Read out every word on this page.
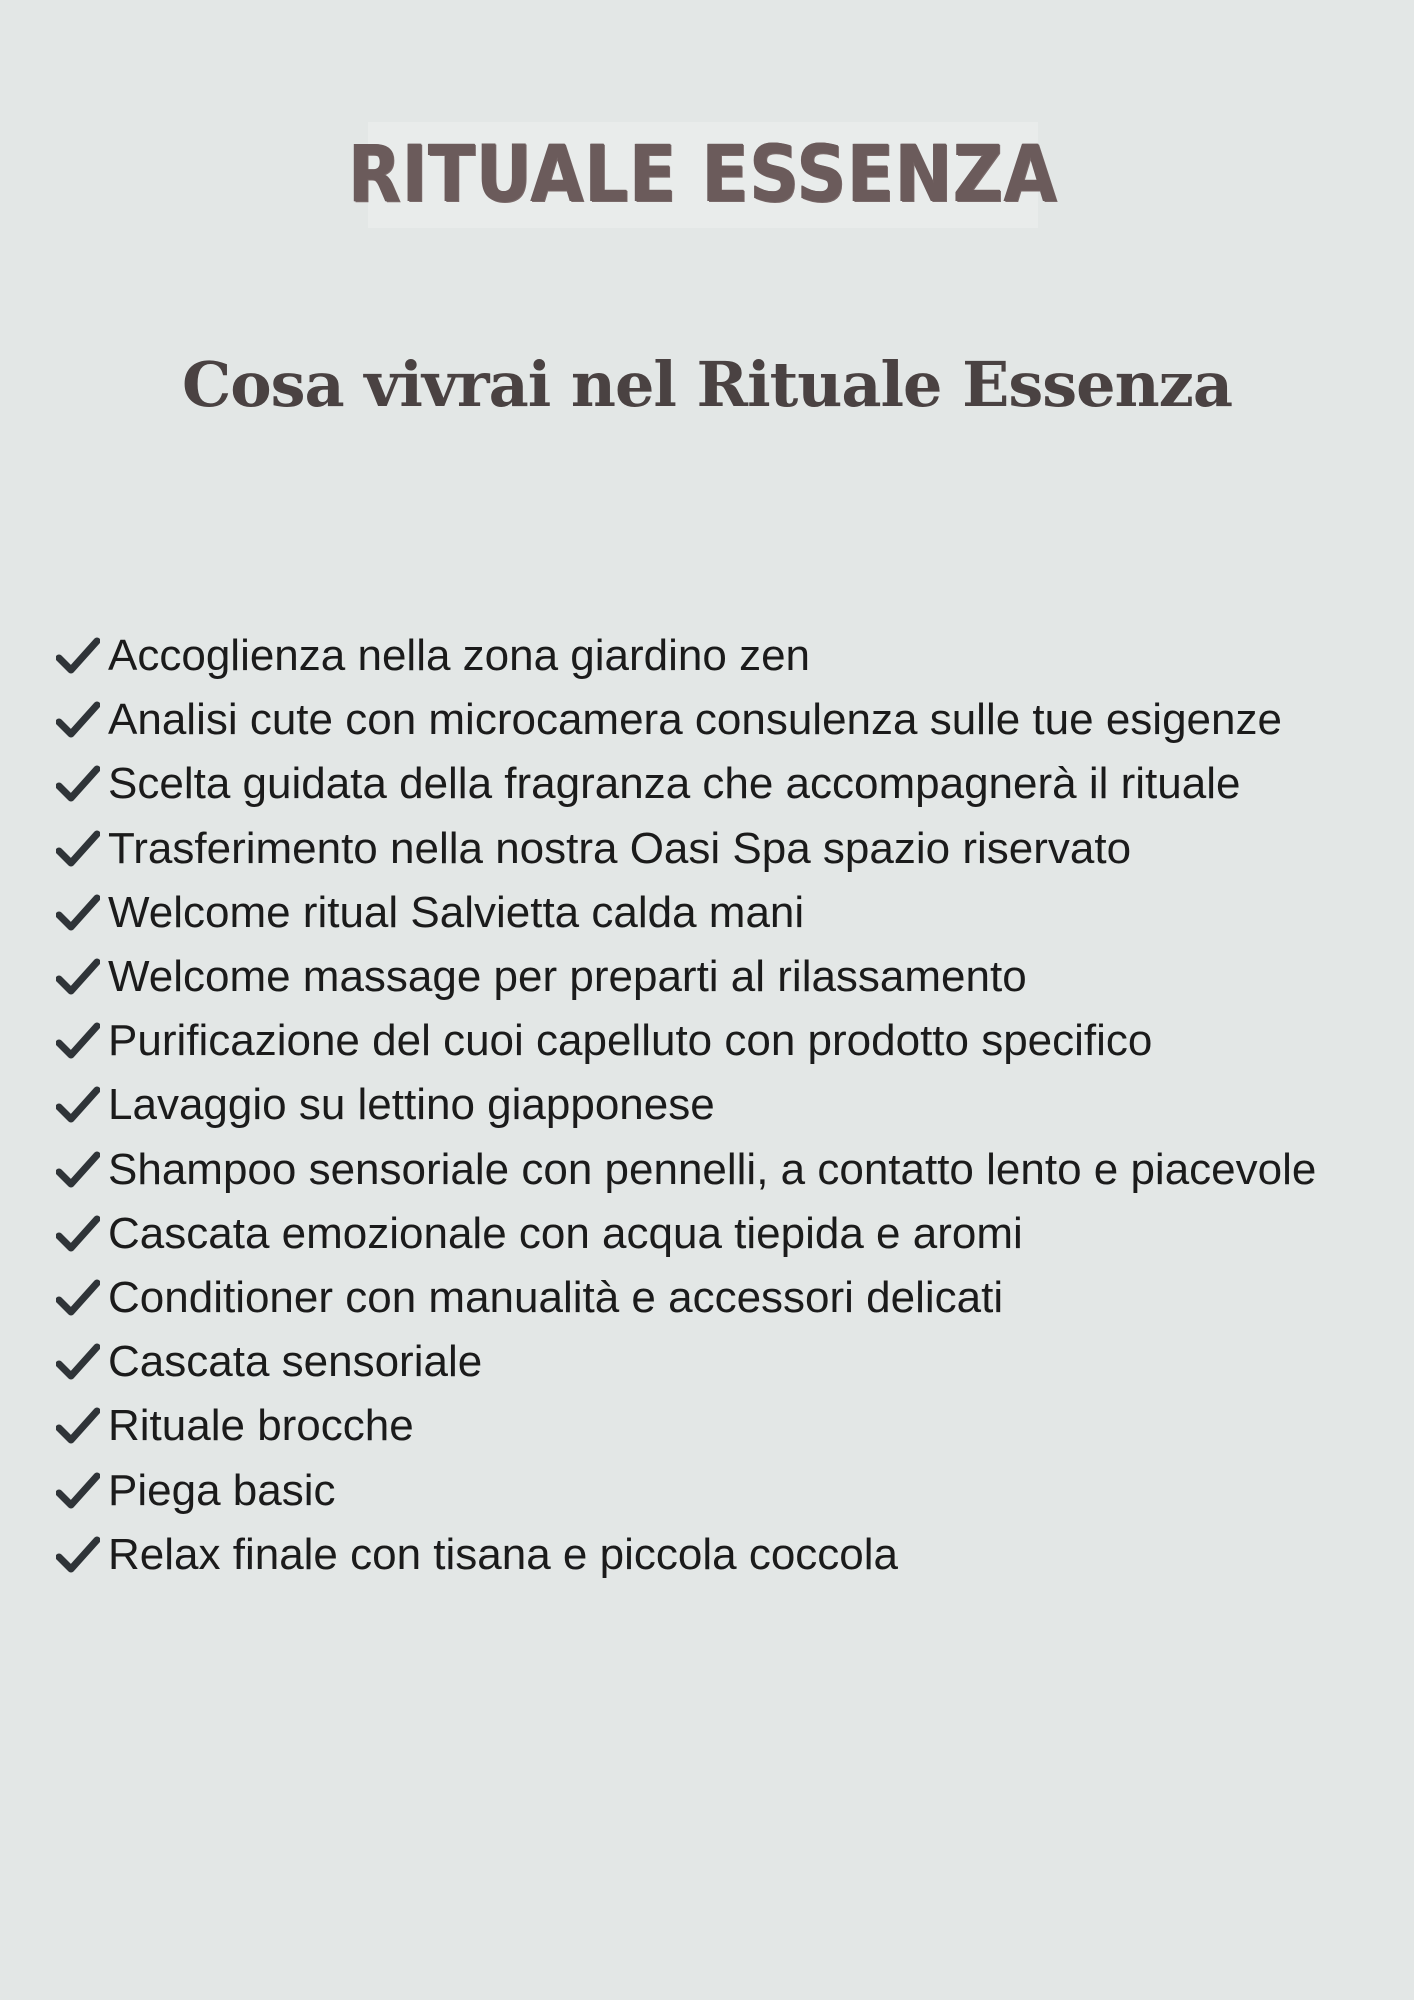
RITUALE ESSENZA
Cosa vivrai nel Rituale Essenza
Accoglienza nella zona giardino zen
Analisi cute con microcamera consulenza sulle tue esigenze
Scelta guidata della fragranza che accompagnerà il rituale
Trasferimento nella nostra Oasi Spa spazio riservato
Welcome ritual Salvietta calda mani
Welcome massage per preparti al rilassamento
Purificazione del cuoi capelluto con prodotto specifico
Lavaggio su lettino giapponese
Shampoo sensoriale con pennelli, a contatto lento e piacevole
Cascata emozionale con acqua tiepida e aromi
Conditioner con manualità e accessori delicati
Cascata sensoriale
Rituale brocche
Piega basic
Relax finale con tisana e piccola coccola
